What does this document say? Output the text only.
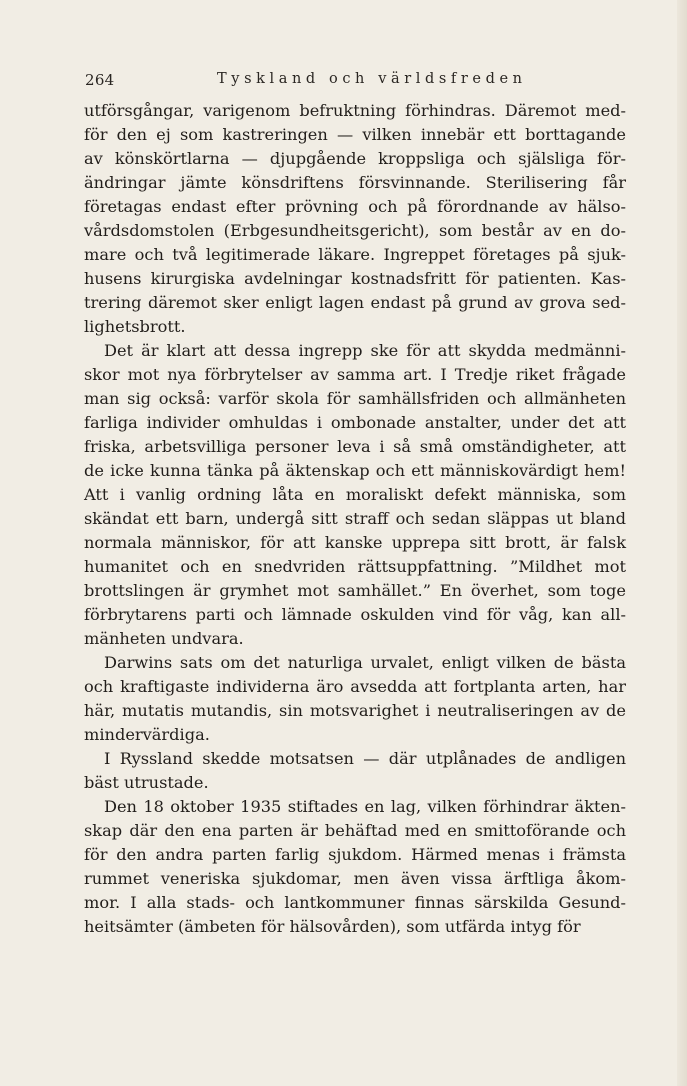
264	Tyskland och världsfreden
utförsgångar, varigenom befruktning förhindras. Däremot med-
för den ej som kastreringen — vilken innebär ett borttagande
av könskörtlarna — djupgående kroppsliga och själsliga för-
ändringar jämte könsdriftens försvinnande. Sterilisering får
företagas endast efter prövning och på förordnande av hälso-
vårdsdomstolen (Erbgesundheitsgericht), som består av en do-
mare och två legitimerade läkare. Ingreppet företages på sjuk-
husens kirurgiska avdelningar kostnadsfritt för patienten. Kas-
trering däremot sker enligt lagen endast på grund av grova sed-
lighetsbrott.
Det är klart att dessa ingrepp ske för att skydda medmänni-
skor mot nya förbrytelser av samma art. I Tredje riket frågade
man sig också: varför skola för samhällsfriden och allmänheten
farliga individer omhuldas i ombonade anstalter, under det att
friska, arbetsvilliga personer leva i så små omständigheter, att
de icke kunna tänka på äktenskap och ett människovärdigt hem!
Att i vanlig ordning låta en moraliskt defekt människa, som
skändat ett barn, undergå sitt straff och sedan släppas ut bland
normala människor, för att kanske upprepa sitt brott, är falsk
humanitet och en snedvriden rättsuppfattning. ”Mildhet mot
brottslingen är grymhet mot samhället.” En överhet, som toge
förbrytarens parti och lämnade oskulden vind för våg, kan all-
mänheten undvara.
Darwins sats om det naturliga urvalet, enligt vilken de bästa
och kraftigaste individerna äro avsedda att fortplanta arten, har
här, mutatis mutandis, sin motsvarighet i neutraliseringen av de
mindervärdiga.
I Ryssland skedde motsatsen — där utplånades de andligen
bäst utrustade.
Den 18 oktober 1935 stiftades en lag, vilken förhindrar äkten-
skap där den ena parten är behäftad med en smittoförande och
för den andra parten farlig sjukdom. Härmed menas i främsta
rummet veneriska sjukdomar, men även vissa ärftliga åkom-
mor. I alla stads- och lantkommuner finnas särskilda Gesund-
heitsämter (ämbeten för hälsovården), som utfärda intyg för
